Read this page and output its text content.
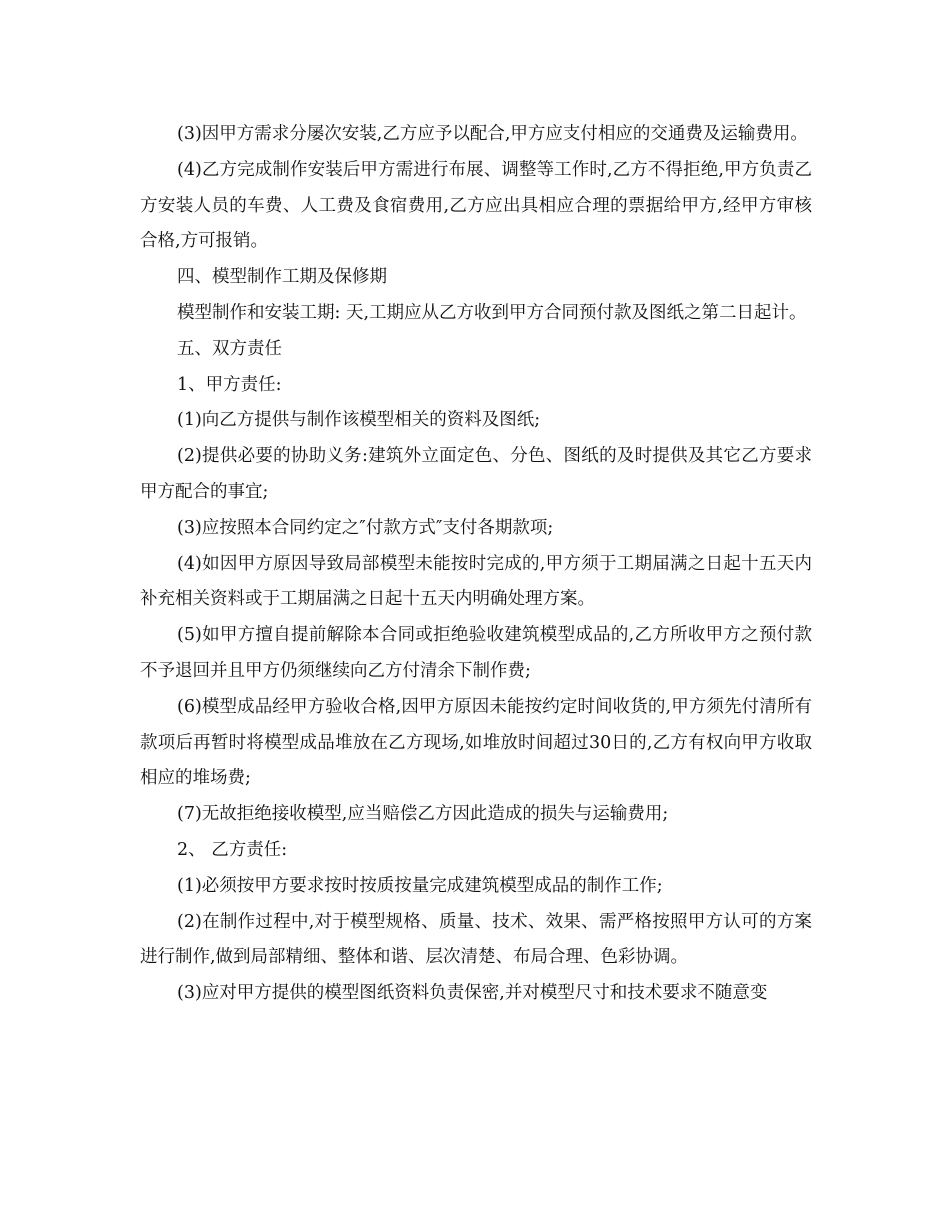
(3)因甲方需求分屡次安装,乙方应予以配合,甲方应支付相应的交通费及运输费用。

(4)乙方完成制作安装后甲方需进行布展、调整等工作时,乙方不得拒绝,甲方负责乙方安装人员的车费、人工费及食宿费用,乙方应出具相应合理的票据给甲方,经甲方审核合格,方可报销。

四、模型制作工期及保修期

模型制作和安装工期: 天,工期应从乙方收到甲方合同预付款及图纸之第二日起计。

五、双方责任

1、甲方责任:

(1)向乙方提供与制作该模型相关的资料及图纸;

(2)提供必要的协助义务:建筑外立面定色、分色、图纸的及时提供及其它乙方要求甲方配合的事宜;

(3)应按照本合同约定之″付款方式″支付各期款项;

(4)如因甲方原因导致局部模型未能按时完成的,甲方须于工期届满之日起十五天内补充相关资料或于工期届满之日起十五天内明确处理方案。

(5)如甲方擅自提前解除本合同或拒绝验收建筑模型成品的,乙方所收甲方之预付款不予退回并且甲方仍须继续向乙方付清余下制作费;

(6)模型成品经甲方验收合格,因甲方原因未能按约定时间收货的,甲方须先付清所有款项后再暂时将模型成品堆放在乙方现场,如堆放时间超过30日的,乙方有权向甲方收取相应的堆场费;

(7)无故拒绝接收模型,应当赔偿乙方因此造成的损失与运输费用;

2、 乙方责任:

(1)必须按甲方要求按时按质按量完成建筑模型成品的制作工作;

(2)在制作过程中,对于模型规格、质量、技术、效果、需严格按照甲方认可的方案进行制作,做到局部精细、整体和谐、层次清楚、布局合理、色彩协调。

(3)应对甲方提供的模型图纸资料负责保密,并对模型尺寸和技术要求不随意变
